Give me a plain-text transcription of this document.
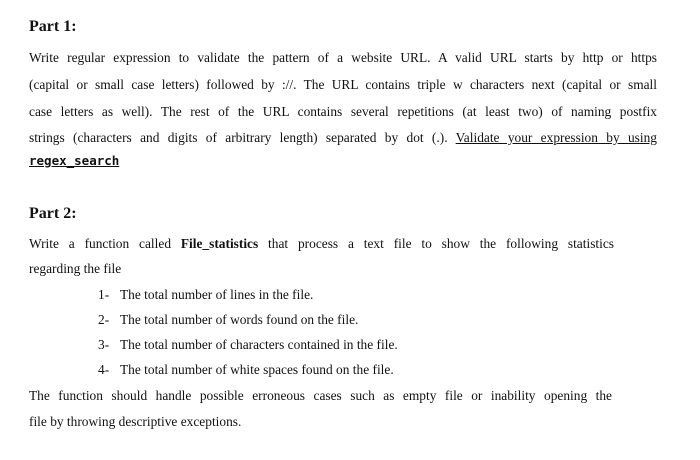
Part 1:
Write regular expression to validate the pattern of a website URL. A valid URL starts by http or https
(capital or small case letters) followed by ://. The URL contains triple w characters next (capital or small
case letters as well). The rest of the URL contains several repetitions (at least two) of naming postfix
strings (characters and digits of arbitrary length) separated by dot (.). Validate your expression by using
regex_search
Part 2:
Write a function called File_statistics that process a text file to show the following statistics
regarding the file
1- The total number of lines in the file.
2- The total number of words found on the file.
3- The total number of characters contained in the file.
4- The total number of white spaces found on the file.
The function should handle possible erroneous cases such as empty file or inability opening the
file by throwing descriptive exceptions.
